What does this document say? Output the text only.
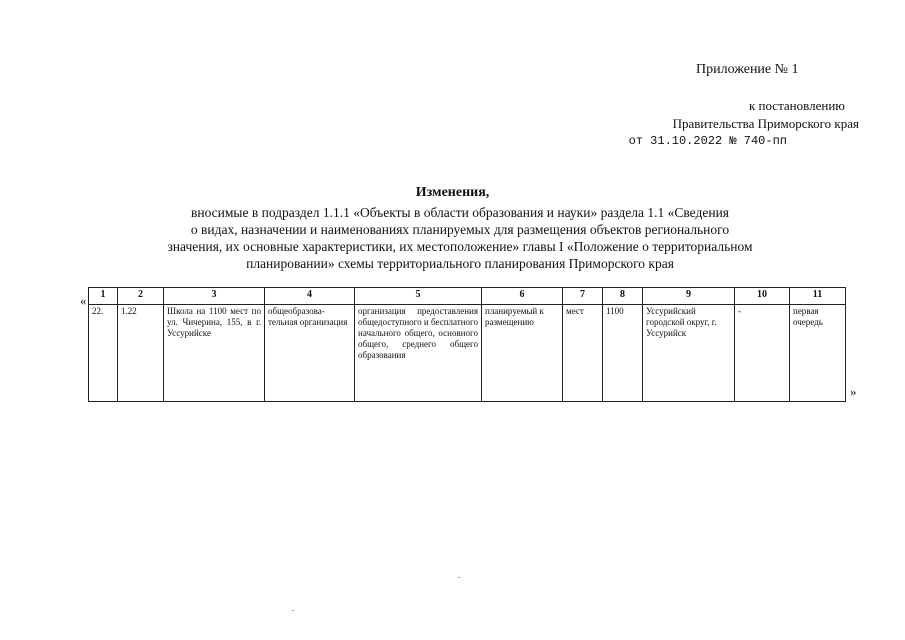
Приложение № 1
к постановлению
Правительства Приморского края
от 31.10.2022 № 740-пп
Изменения,
вносимые в подраздел 1.1.1 «Объекты в области образования и науки» раздела 1.1 «Сведения
о видах, назначении и наименованиях планируемых для размещения объектов регионального
значения, их основные характеристики, их местоположение» главы I «Положение о территориальном
планировании» схемы территориального планирования Приморского края
«
»
1	2	3	4	5	6	7	8	9	10	11
22.	1.22	Школа на 1100 мест по ул. Чичерина, 155, в г. Уссурийске	общеобразова-тельная организация	организация предоставления общедоступного и бесплатного начального общего, основного общего, среднего общего образования	планируемый к размещению	мест	1100	Уссурийский городской округ, г. Уссурийск	-	первая очередь
